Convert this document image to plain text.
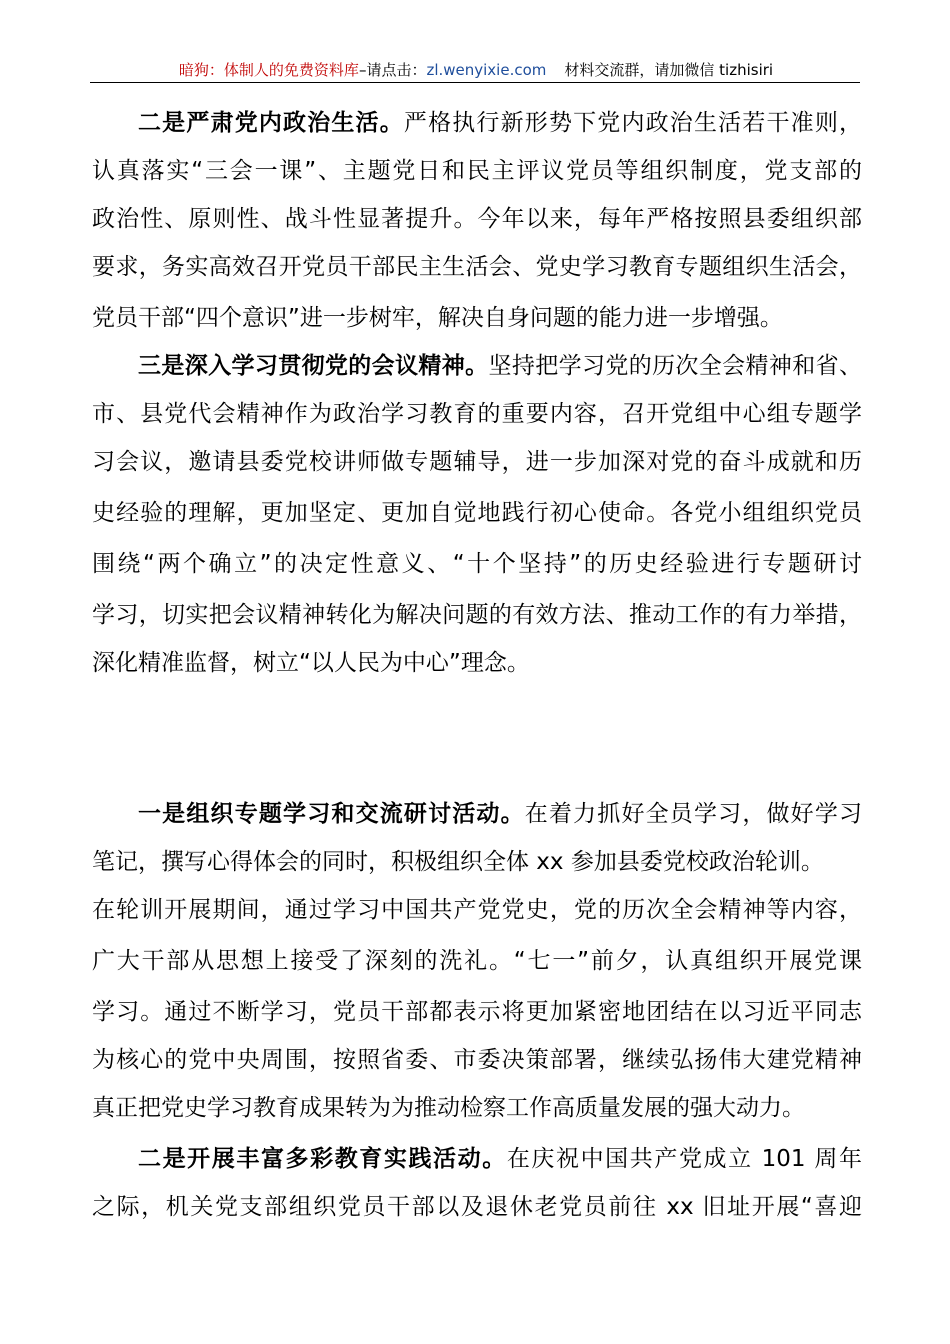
暗狗：体制人的免费资料库–请点击：zl.wenyixie.com 材料交流群，请加微信 tizhisiri
二是严肃党内政治生活。严格执行新形势下党内政治生活若干准则，
认真落实“三会一课”、主题党日和民主评议党员等组织制度，党支部的
政治性、原则性、战斗性显著提升。今年以来，每年严格按照县委组织部
要求，务实高效召开党员干部民主生活会、党史学习教育专题组织生活会，
党员干部“四个意识”进一步树牢，解决自身问题的能力进一步增强。
三是深入学习贯彻党的会议精神。坚持把学习党的历次全会精神和省、
市、县党代会精神作为政治学习教育的重要内容，召开党组中心组专题学
习会议，邀请县委党校讲师做专题辅导，进一步加深对党的奋斗成就和历
史经验的理解，更加坚定、更加自觉地践行初心使命。各党小组组织党员
围绕“两个确立”的决定性意义、“十个坚持”的历史经验进行专题研讨
学习，切实把会议精神转化为解决问题的有效方法、推动工作的有力举措，
深化精准监督，树立“以人民为中心”理念。
一是组织专题学习和交流研讨活动。在着力抓好全员学习，做好学习
笔记，撰写心得体会的同时，积极组织全体 xx 参加县委党校政治轮训。
在轮训开展期间，通过学习中国共产党党史，党的历次全会精神等内容，
广大干部从思想上接受了深刻的洗礼。“七一”前夕，认真组织开展党课
学习。通过不断学习，党员干部都表示将更加紧密地团结在以习近平同志
为核心的党中央周围，按照省委、市委决策部署，继续弘扬伟大建党精神
真正把党史学习教育成果转为为推动检察工作高质量发展的强大动力。
二是开展丰富多彩教育实践活动。在庆祝中国共产党成立 101 周年
之际，机关党支部组织党员干部以及退休老党员前往 xx 旧址开展“喜迎
